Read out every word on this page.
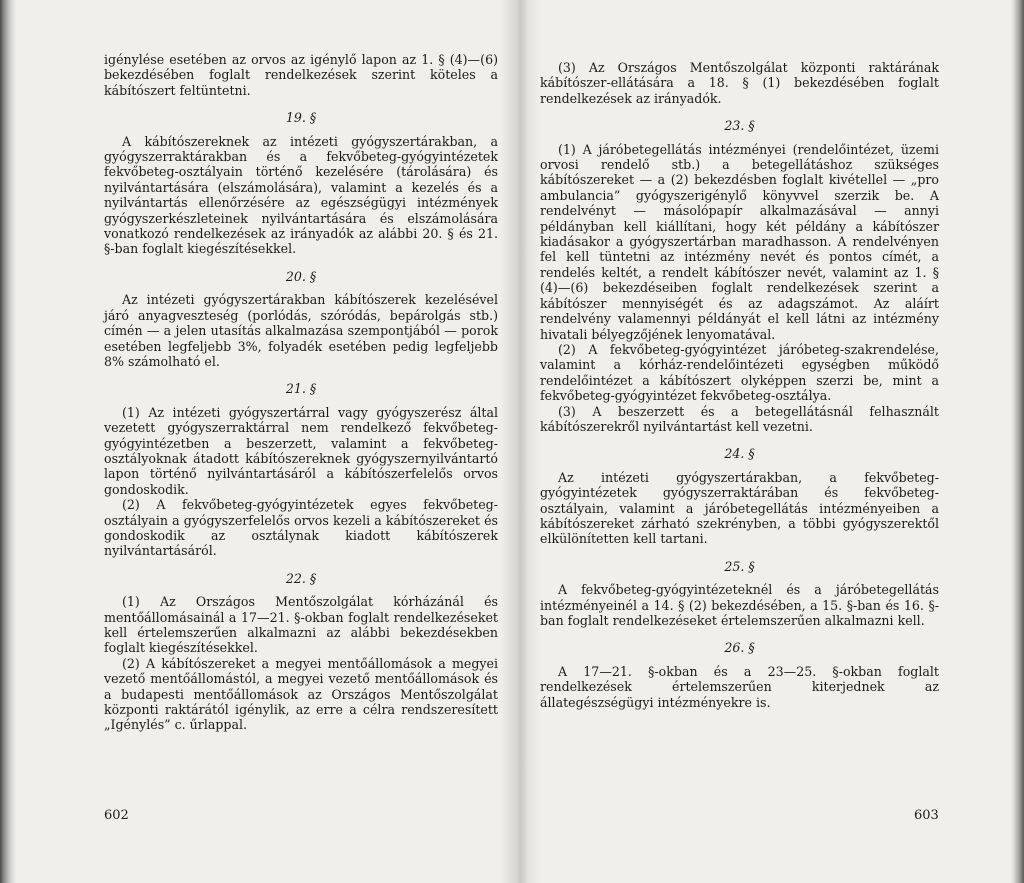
igénylése esetében az orvos az igénylő lapon az 1. § (4)—(6) bekezdésében foglalt rendelkezések szerint köteles a kábítószert feltüntetni.

19. §

A kábítószereknek az intézeti gyógyszertárakban, a gyógyszerraktárakban és a fekvőbeteg-gyógyintézetek fekvőbeteg-osztályain történő kezelésére (tárolására) és nyilvántartására (elszámolására), valamint a kezelés és a nyilvántartás ellenőrzésére az egészségügyi intézmények gyógyszerkészleteinek nyilvántartására és elszámolására vonatkozó rendelkezések az irányadók az alábbi 20. § és 21. §-ban foglalt kiegészítésekkel.

20. §

Az intézeti gyógyszertárakban kábítószerek kezelésével járó anyagveszteség (porlódás, szóródás, bepárolgás stb.) címén — a jelen utasítás alkalmazása szempontjából — porok esetében legfeljebb 3%, folyadék esetében pedig legfeljebb 8% számolható el.

21. §

(1) Az intézeti gyógyszertárral vagy gyógyszerész által vezetett gyógyszerraktárral nem rendelkező fekvőbeteg-gyógyintézetben a beszerzett, valamint a fekvőbeteg-osztályoknak átadott kábítószereknek gyógyszernyilvántartó lapon történő nyilvántartásáról a kábítószerfelelős orvos gondoskodik.

(2) A fekvőbeteg-gyógyintézetek egyes fekvőbeteg-osztályain a gyógyszerfelelős orvos kezeli a kábítószereket és gondoskodik az osztálynak kiadott kábítószerek nyilvántartásáról.

22. §

(1) Az Országos Mentőszolgálat kórházánál és mentőállomásainál a 17—21. §-okban foglalt rendelkezéseket kell értelemszerűen alkalmazni az alábbi bekezdésekben foglalt kiegészítésekkel.

(2) A kábítószereket a megyei mentőállomások a megyei vezető mentőállomástól, a megyei vezető mentőállomások és a budapesti mentőállomások az Országos Mentőszolgálat központi raktárától igénylik, az erre a célra rendszeresített „Igénylés” c. űrlappal.

(3) Az Országos Mentőszolgálat központi raktárának kábítószer-ellátására a 18. § (1) bekezdésében foglalt rendelkezések az irányadók.

23. §

(1) A járóbetegellátás intézményei (rendelőintézet, üzemi orvosi rendelő stb.) a betegellátáshoz szükséges kábítószereket — a (2) bekezdésben foglalt kivétellel — „pro ambulancia” gyógyszerigénylő könyvvel szerzik be. A rendelvényt — másolópapír alkalmazásával — annyi példányban kell kiállítani, hogy két példány a kábítószer kiadásakor a gyógyszertárban maradhasson. A rendelvényen fel kell tüntetni az intézmény nevét és pontos címét, a rendelés keltét, a rendelt kábítószer nevét, valamint az 1. § (4)—(6) bekezdéseiben foglalt rendelkezések szerint a kábítószer mennyiségét és az adagszámot. Az aláírt rendelvény valamennyi példányát el kell látni az intézmény hivatali bélyegzőjének lenyomatával.

(2) A fekvőbeteg-gyógyintézet járóbeteg-szakrendelése, valamint a kórház-rendelőintézeti egységben működő rendelőintézet a kábítószert olyképpen szerzi be, mint a fekvőbeteg-gyógyintézet fekvőbeteg-osztálya.

(3) A beszerzett és a betegellátásnál felhasznált kábítószerekről nyilvántartást kell vezetni.

24. §

Az intézeti gyógyszertárakban, a fekvőbeteg-gyógyintézetek gyógyszerraktárában és fekvőbeteg-osztályain, valamint a járóbetegellátás intézményeiben a kábítószereket zárható szekrényben, a többi gyógyszerektől elkülönítetten kell tartani.

25. §

A fekvőbeteg-gyógyintézeteknél és a járóbetegellátás intézményeinél a 14. § (2) bekezdésében, a 15. §-ban és 16. §-ban foglalt rendelkezéseket értelemszerűen alkalmazni kell.

26. §

A 17—21. §-okban és a 23—25. §-okban foglalt rendelkezések értelemszerűen kiterjednek az állategészségügyi intézményekre is.

602	603
